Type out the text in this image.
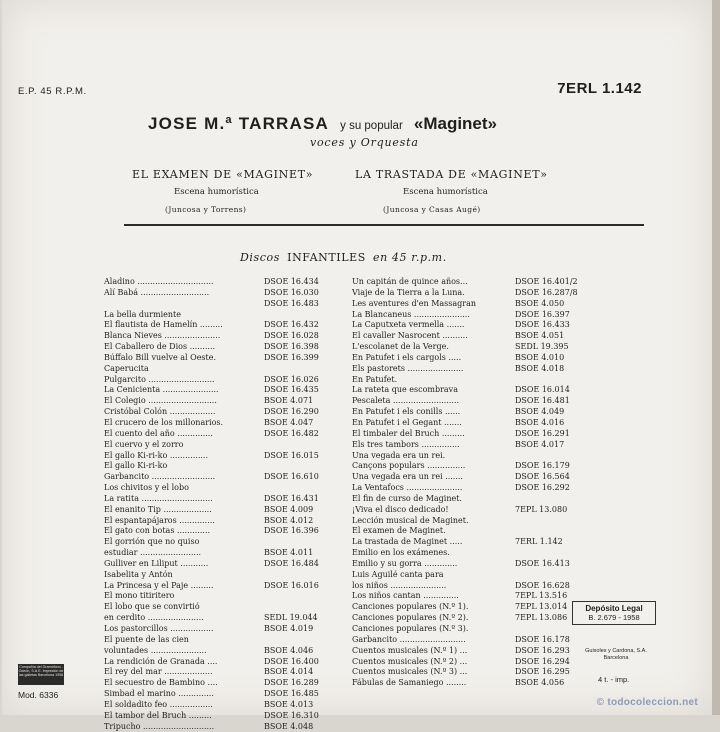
E.P. 45 R.P.M.	7ERL 1.142
JOSE M.ª TARRASA y su popular «Maginet»
voces y Orquesta
EL EXAMEN DE «MAGINET»
Escena humorística
(Juncosa y Torrens)
LA TRASTADA DE «MAGINET»
Escena humorística
(Juncosa y Casas Augé)
Discos INFANTILES en 45 r.p.m.
Aladino ..............................	DSOE 16.434
Alí Babá ...........................	DSOE 16.030
DSOE 16.483
La bella durmiente
El flautista de Hamelín .........	DSOE 16.432
Blanca Nieves ......................	DSOE 16.028
El Caballero de Dios ..........	DSOE 16.398
Búffalo Bill vuelve al Oeste.	DSOE 16.399
Caperucita
Pulgarcito ..........................	DSOE 16.026
La Cenicienta ......................	DSOE 16.435
El Colegio ...........................	BSOE 4.071
Cristóbal Colón ..................	DSOE 16.290
El crucero de los millonarios.	BSOE 4.047
El cuento del año ..............	DSOE 16.482
El cuervo y el zorro
El gallo Ki-ri-ko ...............	DSOE 16.015
El gallo Ki-ri-ko
Garbancito .........................	DSOE 16.610
Los chivitos y el lobo
La ratita ............................	DSOE 16.431
El enanito Tip ...................	BSOE 4.009
El espantapájaros ..............	BSOE 4.012
El gato con botas .............	DSOE 16.396
El gorrión que no quiso
estudiar ........................	BSOE 4.011
Gulliver en Liliput ...........	DSOE 16.484
Isabelita y Antón
La Princesa y el Paje .........	DSOE 16.016
El mono titiritero
El lobo que se convirtió
en cerdito ......................	SEDL 19.044
Los pastorcillos .................	BSOE 4.019
El puente de las cien
voluntades ......................	BSOE 4.046
La rendición de Granada ....	DSOE 16.400
El rey del mar ...................	BSOE 4.014
El secuestro de Bambino ....	DSOE 16.289
Simbad el marino ..............	DSOE 16.485
El soldadito feo .................	BSOE 4.013
El tambor del Bruch .........	DSOE 16.310
Tripucho ............................	BSOE 4.048
Un capitán de quince años...	DSOE 16.401/2
Viaje de la Tierra a la Luna.	DSOE 16.287/8
Les aventures d'en Massagran	BSOE 4.050
La Blancaneus ......................	DSOE 16.397
La Caputxeta vermella .......	DSOE 16.433
El cavaller Nasrocent ..........	BSOE 4.051
L'escolanet de la Verge.	SEDL 19.395
En Patufet i els cargols .....	BSOE 4.010
Els pastorets ......................	BSOE 4.018
En Patufet.
La rateta que escombrava	DSOE 16.014
Pescaleta ..........................	DSOE 16.481
En Patufet i els conills ......	BSOE 4.049
En Patufet i el Gegant .......	BSOE 4.016
El timbaler del Bruch .........	DSOE 16.291
Els tres tambors ...............	BSOE 4.017
Una vegada era un rei.
Cançons populars ...............	DSOE 16.179
Una vegada era un rei .......	DSOE 16.564
La Ventafocs ......................	DSOE 16.292
El fin de curso de Maginet.
¡Viva el disco dedicado!	7EPL 13.080
Lección musical de Maginet.
El examen de Maginet.
La trastada de Maginet .....	7ERL 1.142
Emilio en los exámenes.
Emilio y su gorra .............	DSOE 16.413
Luis Aguilé canta para
los niños ......................	DSOE 16.628
Los niños cantan ..............	7EPL 13.516
Canciones populares (N.º 1).	7EPL 13.014
Canciones populares (N.º 2).	7EPL 13.086
Canciones populares (N.º 3).
Garbancito ..........................	DSOE 16.178
Cuentos musicales (N.º 1) ...	DSOE 16.293
Cuentos musicales (N.º 2) ...	DSOE 16.294
Cuentos musicales (N.º 3) ...	DSOE 16.295
Fábulas de Samaniego ........	BSOE 4.056
Compañía del Gramófono - Odeón, S.A.E. Impresión de las galletas Barcelona 1958
Mod. 6336
Depósito Legal
B. 2.679 - 1958
Guixoles y Cardona, S.A. Barcelona
4 t. - imp.
© todocoleccion.net
